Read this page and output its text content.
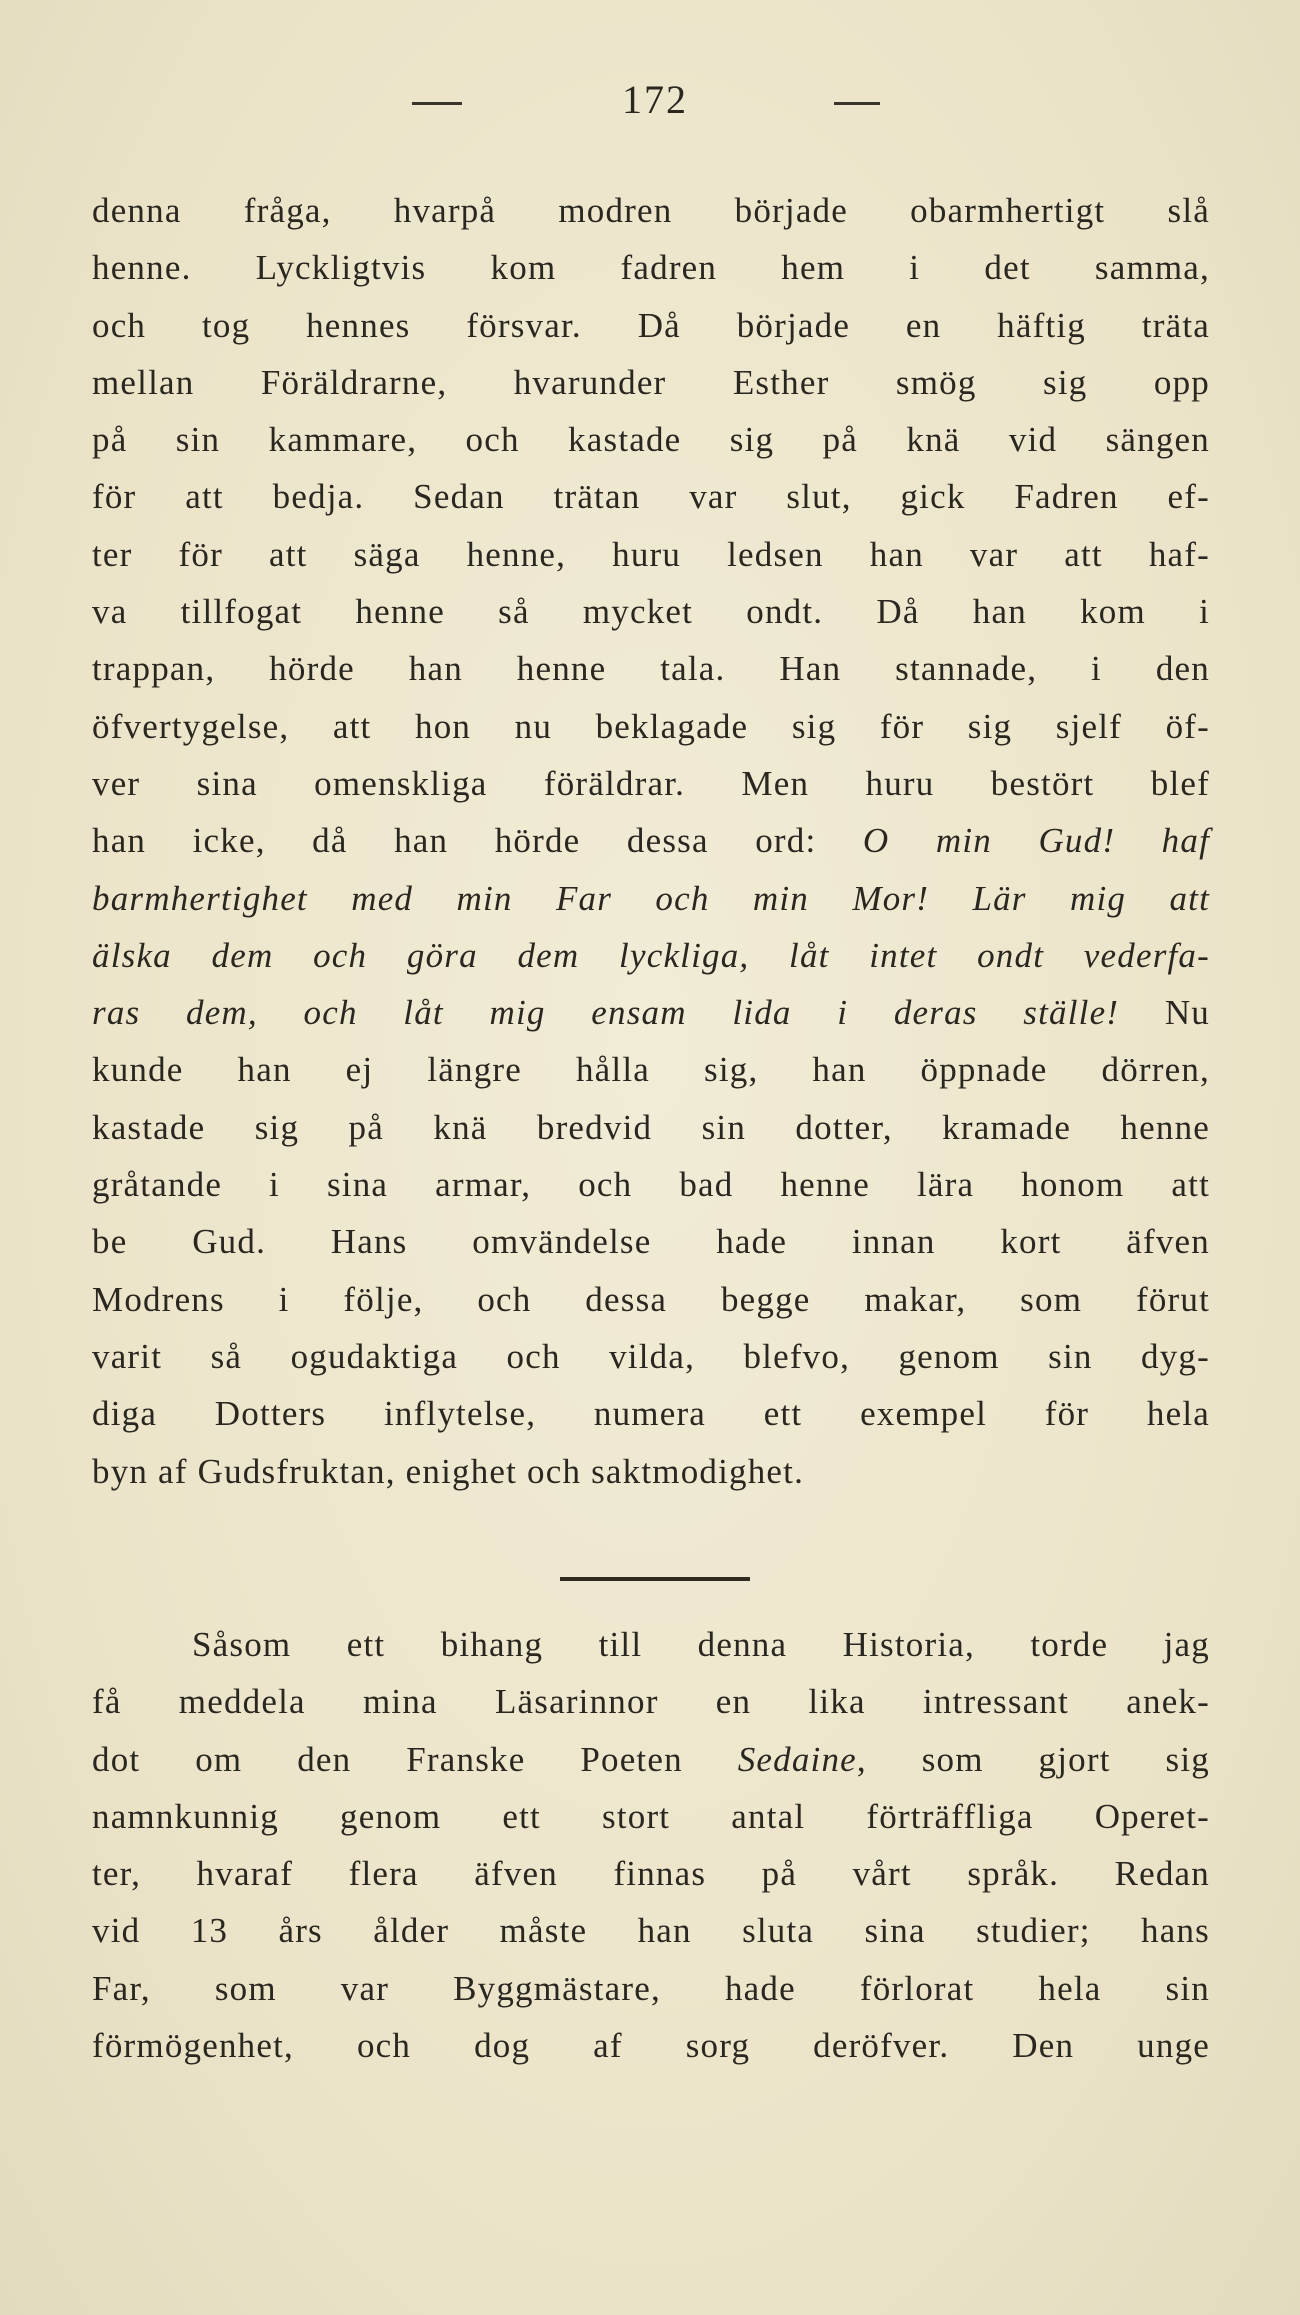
172
denna fråga, hvarpå modren började obarmhertigt slå
henne. Lyckligtvis kom fadren hem i det samma,
och tog hennes försvar. Då började en häftig träta
mellan Föräldrarne, hvarunder Esther smög sig opp
på sin kammare, och kastade sig på knä vid sängen
för att bedja. Sedan trätan var slut, gick Fadren ef-
ter för att säga henne, huru ledsen han var att haf-
va tillfogat henne så mycket ondt. Då han kom i
trappan, hörde han henne tala. Han stannade, i den
öfvertygelse, att hon nu beklagade sig för sig sjelf öf-
ver sina omenskliga föräldrar. Men huru bestört blef
han icke, då han hörde dessa ord: O min Gud! haf
barmhertighet med min Far och min Mor! Lär mig att
älska dem och göra dem lyckliga, låt intet ondt vederfa-
ras dem, och låt mig ensam lida i deras ställe! Nu
kunde han ej längre hålla sig, han öppnade dörren,
kastade sig på knä bredvid sin dotter, kramade henne
gråtande i sina armar, och bad henne lära honom att
be Gud. Hans omvändelse hade innan kort äfven
Modrens i följe, och dessa begge makar, som förut
varit så ogudaktiga och vilda, blefvo, genom sin dyg-
diga Dotters inflytelse, numera ett exempel för hela
byn af Gudsfruktan, enighet och saktmodighet.
Såsom ett bihang till denna Historia, torde jag
få meddela mina Läsarinnor en lika intressant anek-
dot om den Franske Poeten Sedaine, som gjort sig
namnkunnig genom ett stort antal förträffliga Operet-
ter, hvaraf flera äfven finnas på vårt språk. Redan
vid 13 års ålder måste han sluta sina studier; hans
Far, som var Byggmästare, hade förlorat hela sin
förmögenhet, och dog af sorg deröfver. Den unge
